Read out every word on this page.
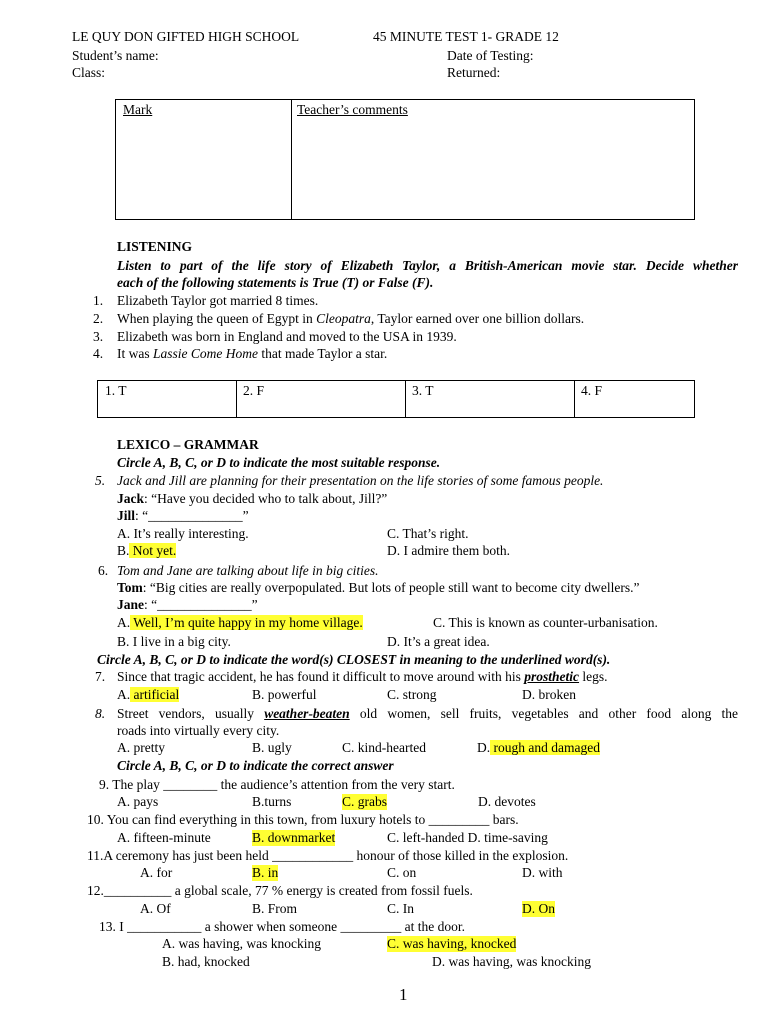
LE QUY DON GIFTED HIGH SCHOOL	45 MINUTE TEST 1- GRADE 12
Student’s name:	Date of Testing:
Class:	Returned:
Mark	Teacher’s comments
LISTENING
Listen to part of the life story of Elizabeth Taylor, a British-American movie star. Decide whether
each of the following statements is True (T) or False (F).
1. Elizabeth Taylor got married 8 times.
2. When playing the queen of Egypt in Cleopatra, Taylor earned over one billion dollars.
3. Elizabeth was born in England and moved to the USA in 1939.
4. It was Lassie Come Home that made Taylor a star.
1. T	2. F	3. T	4. F
LEXICO – GRAMMAR
Circle A, B, C, or D to indicate the most suitable response.
5. Jack and Jill are planning for their presentation on the life stories of some famous people.
Jack: “Have you decided who to talk about, Jill?”
Jill: “______________”
A. It’s really interesting.	C. That’s right.
B. Not yet.	D. I admire them both.
6. Tom and Jane are talking about life in big cities.
Tom: “Big cities are really overpopulated. But lots of people still want to become city dwellers.”
Jane: “______________”
A. Well, I’m quite happy in my home village.	C. This is known as counter-urbanisation.
B. I live in a big city.	D. It’s a great idea.
Circle A, B, C, or D to indicate the word(s) CLOSEST in meaning to the underlined word(s).
7. Since that tragic accident, he has found it difficult to move around with his prosthetic legs.
A. artificial	B. powerful	C. strong	D. broken
8. Street vendors, usually weather-beaten old women, sell fruits, vegetables and other food along the
roads into virtually every city.
A. pretty	B. ugly	C. kind-hearted	D. rough and damaged
Circle A, B, C, or D to indicate the correct answer
9. The play ________ the audience’s attention from the very start.
A. pays	B.turns	C. grabs	D. devotes
10. You can find everything in this town, from luxury hotels to _________ bars.
A. fifteen-minute	B. downmarket	C. left-handed D. time-saving
11.A ceremony has just been held ____________ honour of those killed in the explosion.
A. for	B. in	C. on	D. with
12.__________ a global scale, 77 % energy is created from fossil fuels.
A. Of	B. From	C. In	D. On
13. I ___________ a shower when someone _________ at the door.
A. was having, was knocking	C. was having, knocked
B. had, knocked	D. was having, was knocking
1
